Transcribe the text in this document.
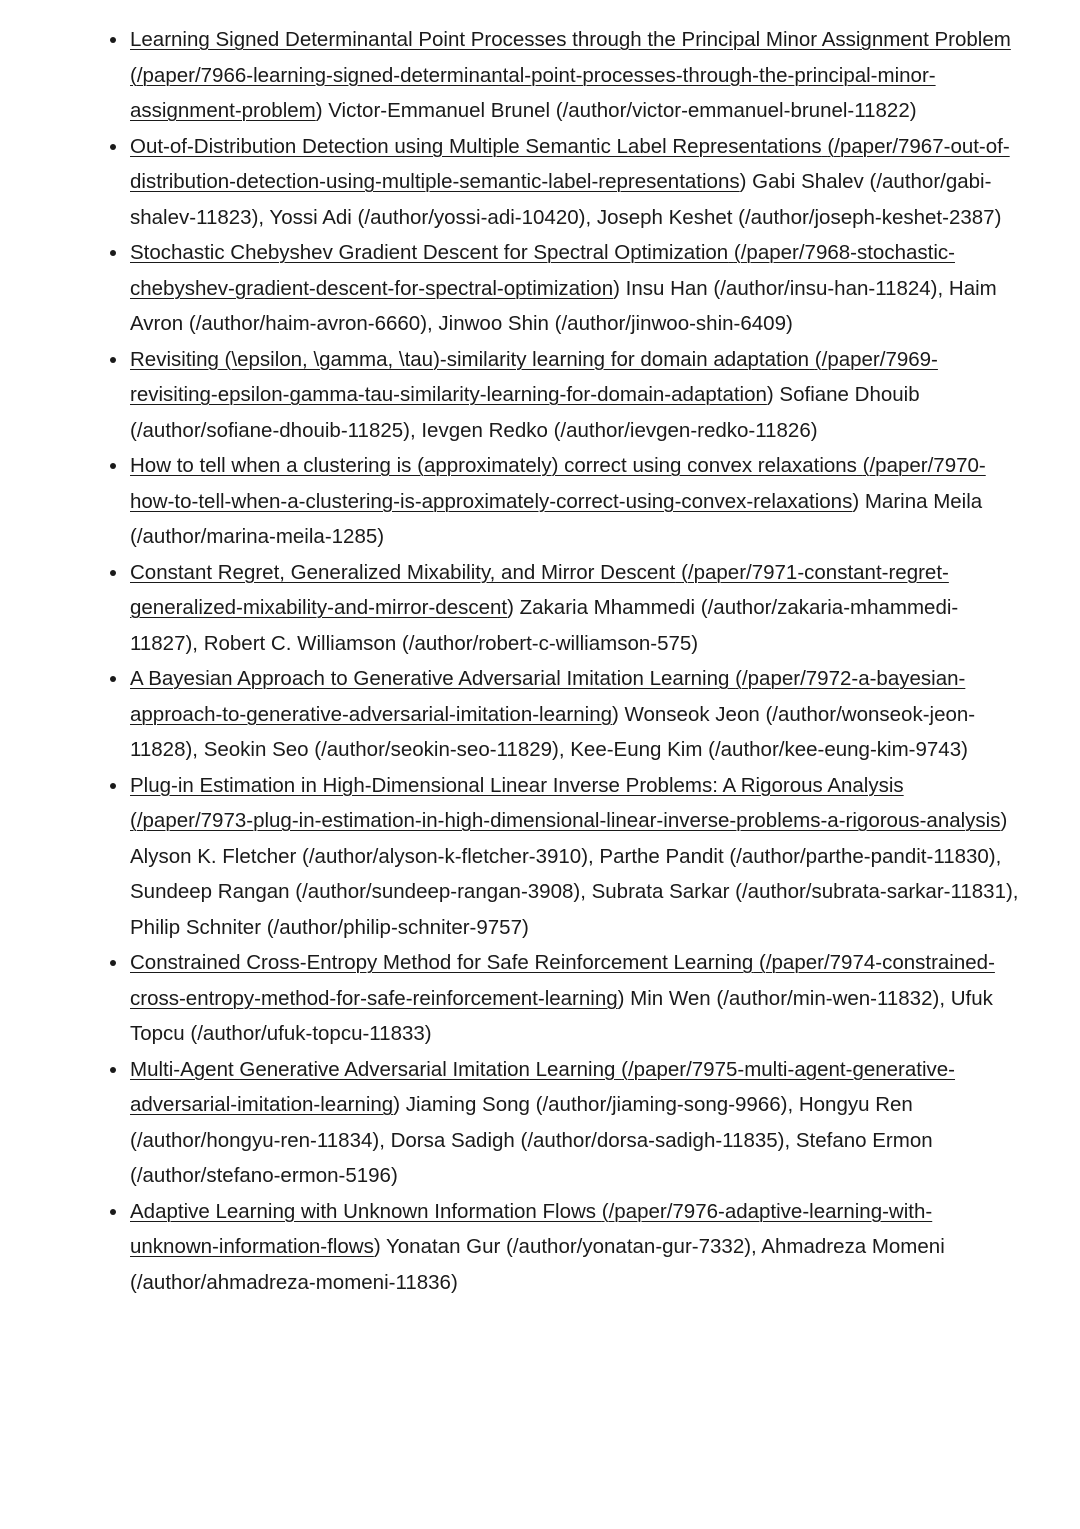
Learning Signed Determinantal Point Processes through the Principal Minor Assignment Problem (/paper/7966-learning-signed-determinantal-point-processes-through-the-principal-minor-assignment-problem) Victor-Emmanuel Brunel (/author/victor-emmanuel-brunel-11822)
Out-of-Distribution Detection using Multiple Semantic Label Representations (/paper/7967-out-of-distribution-detection-using-multiple-semantic-label-representations) Gabi Shalev (/author/gabi-shalev-11823), Yossi Adi (/author/yossi-adi-10420), Joseph Keshet (/author/joseph-keshet-2387)
Stochastic Chebyshev Gradient Descent for Spectral Optimization (/paper/7968-stochastic-chebyshev-gradient-descent-for-spectral-optimization) Insu Han (/author/insu-han-11824), Haim Avron (/author/haim-avron-6660), Jinwoo Shin (/author/jinwoo-shin-6409)
Revisiting (\epsilon, \gamma, \tau)-similarity learning for domain adaptation (/paper/7969-revisiting-epsilon-gamma-tau-similarity-learning-for-domain-adaptation) Sofiane Dhouib (/author/sofiane-dhouib-11825), Ievgen Redko (/author/ievgen-redko-11826)
How to tell when a clustering is (approximately) correct using convex relaxations (/paper/7970-how-to-tell-when-a-clustering-is-approximately-correct-using-convex-relaxations) Marina Meila (/author/marina-meila-1285)
Constant Regret, Generalized Mixability, and Mirror Descent (/paper/7971-constant-regret-generalized-mixability-and-mirror-descent) Zakaria Mhammedi (/author/zakaria-mhammedi-11827), Robert C. Williamson (/author/robert-c-williamson-575)
A Bayesian Approach to Generative Adversarial Imitation Learning (/paper/7972-a-bayesian-approach-to-generative-adversarial-imitation-learning) Wonseok Jeon (/author/wonseok-jeon-11828), Seokin Seo (/author/seokin-seo-11829), Kee-Eung Kim (/author/kee-eung-kim-9743)
Plug-in Estimation in High-Dimensional Linear Inverse Problems: A Rigorous Analysis (/paper/7973-plug-in-estimation-in-high-dimensional-linear-inverse-problems-a-rigorous-analysis) Alyson K. Fletcher (/author/alyson-k-fletcher-3910), Parthe Pandit (/author/parthe-pandit-11830), Sundeep Rangan (/author/sundeep-rangan-3908), Subrata Sarkar (/author/subrata-sarkar-11831), Philip Schniter (/author/philip-schniter-9757)
Constrained Cross-Entropy Method for Safe Reinforcement Learning (/paper/7974-constrained-cross-entropy-method-for-safe-reinforcement-learning) Min Wen (/author/min-wen-11832), Ufuk Topcu (/author/ufuk-topcu-11833)
Multi-Agent Generative Adversarial Imitation Learning (/paper/7975-multi-agent-generative-adversarial-imitation-learning) Jiaming Song (/author/jiaming-song-9966), Hongyu Ren (/author/hongyu-ren-11834), Dorsa Sadigh (/author/dorsa-sadigh-11835), Stefano Ermon (/author/stefano-ermon-5196)
Adaptive Learning with Unknown Information Flows (/paper/7976-adaptive-learning-with-unknown-information-flows) Yonatan Gur (/author/yonatan-gur-7332), Ahmadreza Momeni (/author/ahmadreza-momeni-11836)
